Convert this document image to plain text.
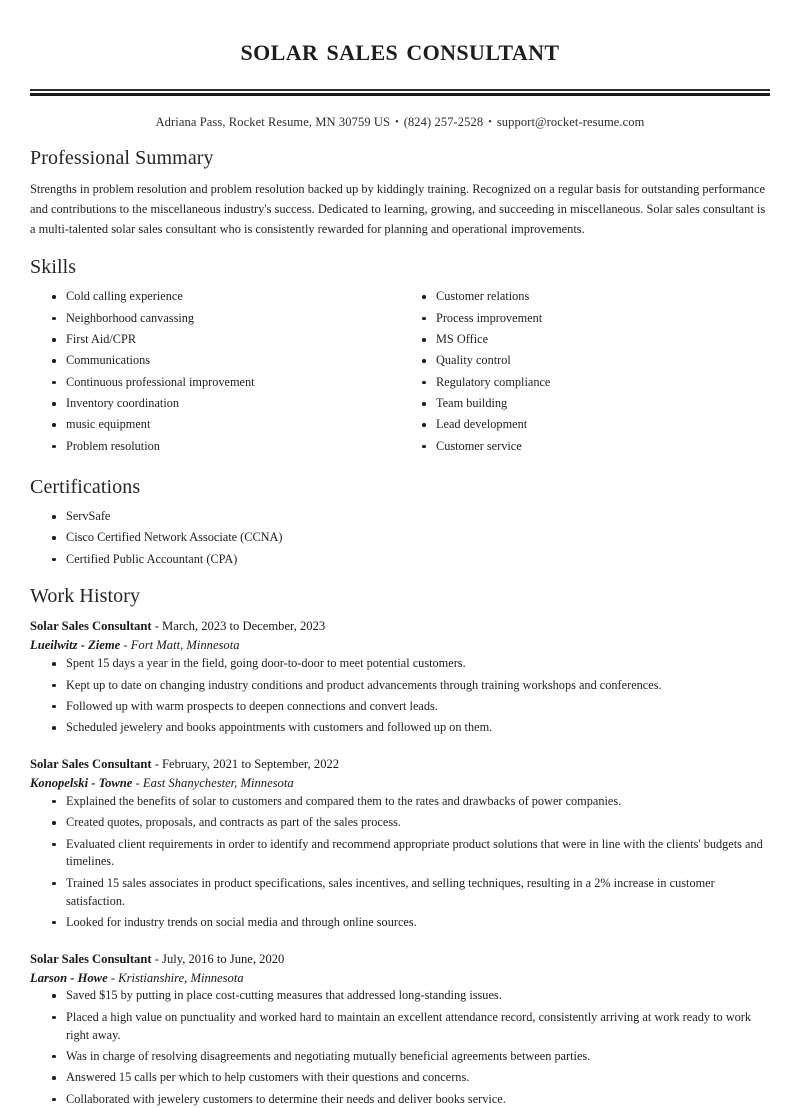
solar sales consultant
Adriana Pass, Rocket Resume, MN 30759 US • (824) 257-2528 • support@rocket-resume.com
Professional Summary

Strengths in problem resolution and problem resolution backed up by kiddingly training. Recognized on a regular basis for outstanding performance and contributions to the miscellaneous industry's success. Dedicated to learning, growing, and succeeding in miscellaneous. Solar sales consultant is a multi-talented solar sales consultant who is consistently rewarded for planning and operational improvements.

Skills
Cold calling experience
Neighborhood canvassing
First Aid/CPR
Communications
Continuous professional improvement
Inventory coordination
music equipment
Problem resolution
Customer relations
Process improvement
MS Office
Quality control
Regulatory compliance
Team building
Lead development
Customer service
Certifications
ServSafe
Cisco Certified Network Associate (CCNA)
Certified Public Accountant (CPA)
Work History
Solar Sales Consultant - March, 2023 to December, 2023
Lueilwitz - Zieme - Fort Matt, Minnesota
Spent 15 days a year in the field, going door-to-door to meet potential customers.
Kept up to date on changing industry conditions and product advancements through training workshops and conferences.
Followed up with warm prospects to deepen connections and convert leads.
Scheduled jewelery and books appointments with customers and followed up on them.
Solar Sales Consultant - February, 2021 to September, 2022
Konopelski - Towne - East Shanychester, Minnesota
Explained the benefits of solar to customers and compared them to the rates and drawbacks of power companies.
Created quotes, proposals, and contracts as part of the sales process.
Evaluated client requirements in order to identify and recommend appropriate product solutions that were in line with the clients' budgets and timelines.
Trained 15 sales associates in product specifications, sales incentives, and selling techniques, resulting in a 2% increase in customer satisfaction.
Looked for industry trends on social media and through online sources.
Solar Sales Consultant - July, 2016 to June, 2020
Larson - Howe - Kristianshire, Minnesota
Saved $15 by putting in place cost-cutting measures that addressed long-standing issues.
Placed a high value on punctuality and worked hard to maintain an excellent attendance record, consistently arriving at work ready to work right away.
Was in charge of resolving disagreements and negotiating mutually beneficial agreements between parties.
Answered 15 calls per which to help customers with their questions and concerns.
Collaborated with jewelery customers to determine their needs and deliver books service.
